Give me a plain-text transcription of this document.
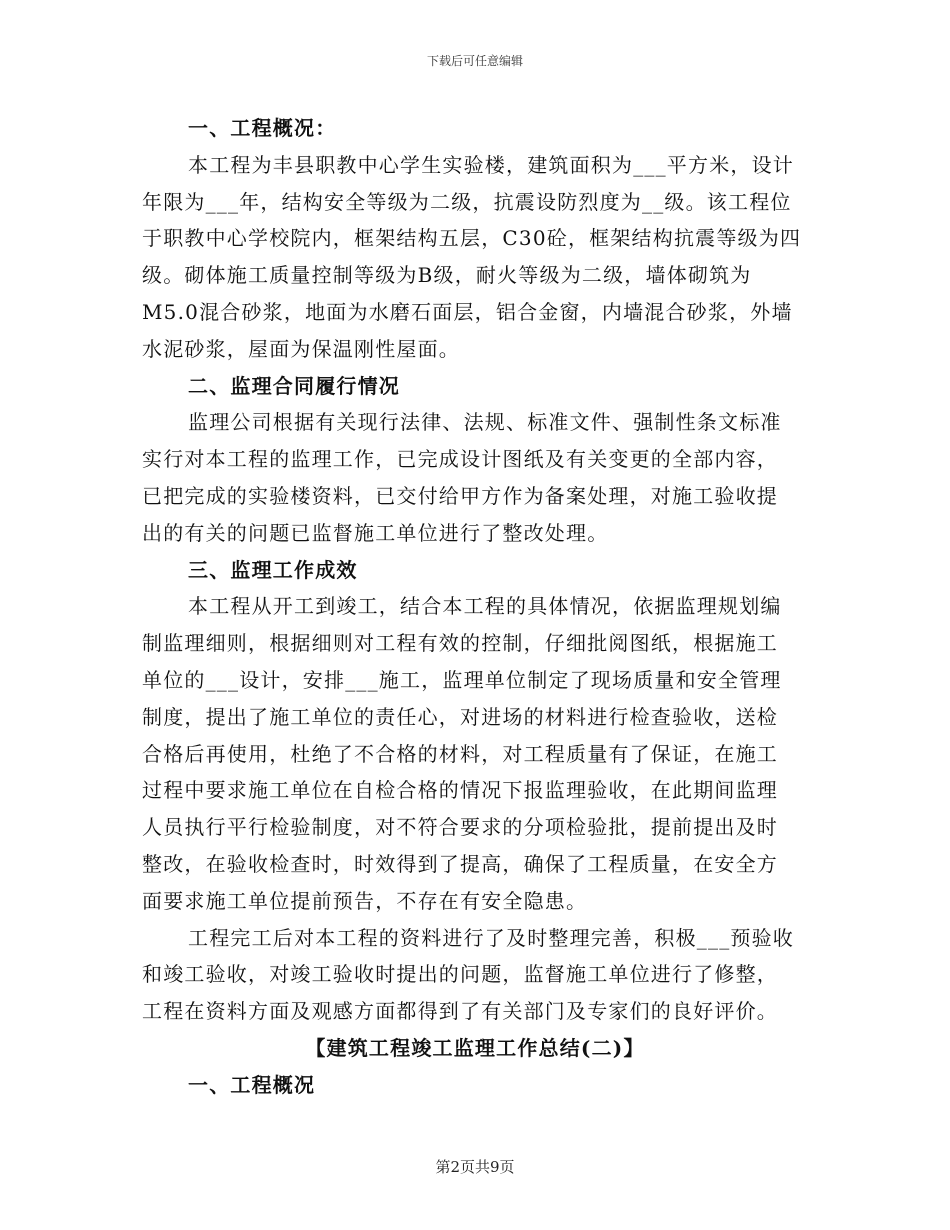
下载后可任意编辑
一、工程概况：
本工程为丰县职教中心学生实验楼，建筑面积为___平方米，设计
年限为___年，结构安全等级为二级，抗震设防烈度为__级。该工程位
于职教中心学校院内，框架结构五层，C30砼，框架结构抗震等级为四
级。砌体施工质量控制等级为B级，耐火等级为二级，墙体砌筑为
M5.0混合砂浆，地面为水磨石面层，铝合金窗，内墙混合砂浆，外墙
水泥砂浆，屋面为保温刚性屋面。
二、监理合同履行情况
监理公司根据有关现行法律、法规、标准文件、强制性条文标准
实行对本工程的监理工作，已完成设计图纸及有关变更的全部内容，
已把完成的实验楼资料，已交付给甲方作为备案处理，对施工验收提
出的有关的问题已监督施工单位进行了整改处理。
三、监理工作成效
本工程从开工到竣工，结合本工程的具体情况，依据监理规划编
制监理细则，根据细则对工程有效的控制，仔细批阅图纸，根据施工
单位的___设计，安排___施工，监理单位制定了现场质量和安全管理
制度，提出了施工单位的责任心，对进场的材料进行检查验收，送检
合格后再使用，杜绝了不合格的材料，对工程质量有了保证，在施工
过程中要求施工单位在自检合格的情况下报监理验收，在此期间监理
人员执行平行检验制度，对不符合要求的分项检验批，提前提出及时
整改，在验收检查时，时效得到了提高，确保了工程质量，在安全方
面要求施工单位提前预告，不存在有安全隐患。
工程完工后对本工程的资料进行了及时整理完善，积极___预验收
和竣工验收，对竣工验收时提出的问题，监督施工单位进行了修整，
工程在资料方面及观感方面都得到了有关部门及专家们的良好评价。
【建筑工程竣工监理工作总结(二)】
一、工程概况
第2页共9页
